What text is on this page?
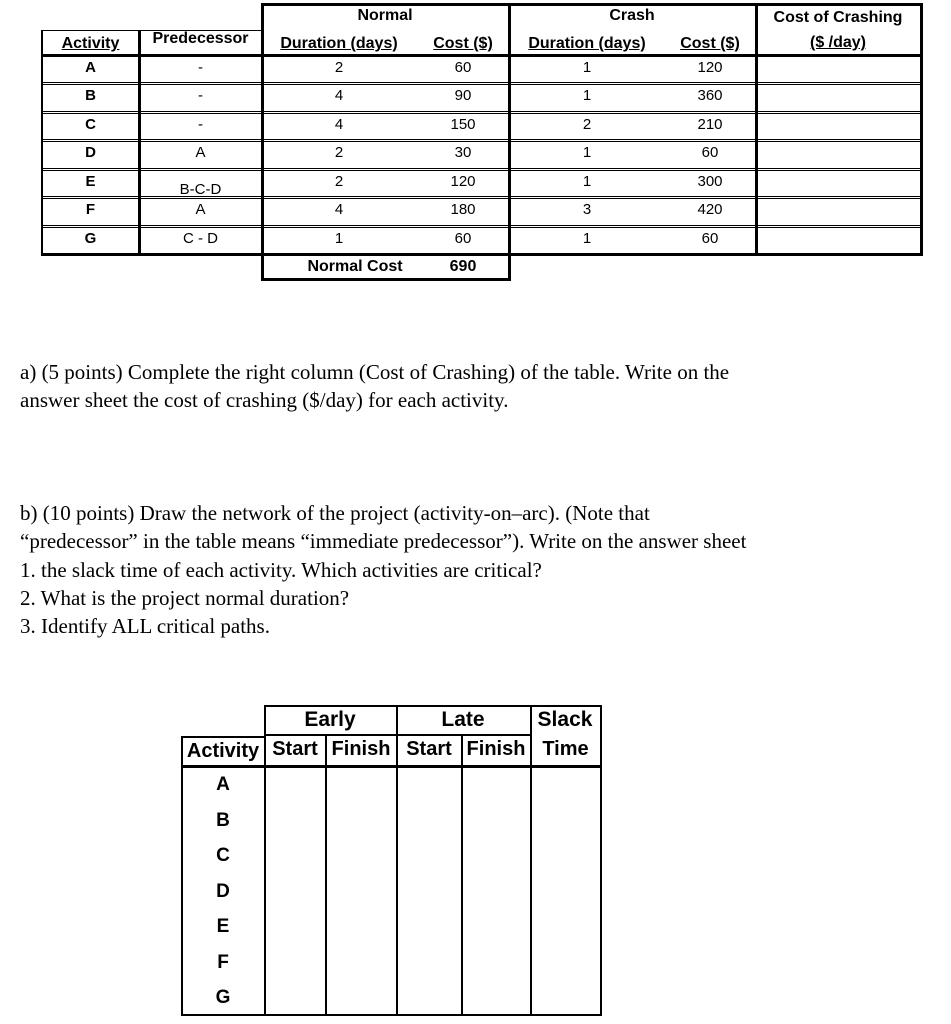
Normal	Crash	Cost of Crashing
($ /day)
Activity	Predecessor	Duration (days)	Cost ($)	Duration (days)	Cost ($)
A	-	2	60	1	120
B	-	4	90	1	360
C	-	4	150	2	210
D	A	2	30	1	60
E	B-C-D	2	120	1	300
F	A	4	180	3	420
G	C - D	1	60	1	60
Normal Cost	690
a) (5 points) Complete the right column (Cost of Crashing) of the table. Write on the
answer sheet the cost of crashing ($/day) for each activity.
b) (10 points) Draw the network of the project (activity-on–arc). (Note that
“predecessor” in the table means “immediate predecessor”). Write on the answer sheet
1. the slack time of each activity. Which activities are critical?
2. What is the project normal duration?
3. Identify ALL critical paths.
Early	Late	Slack
Activity Start Finish Start Finish Time
A
B
C
D
E
F
G
